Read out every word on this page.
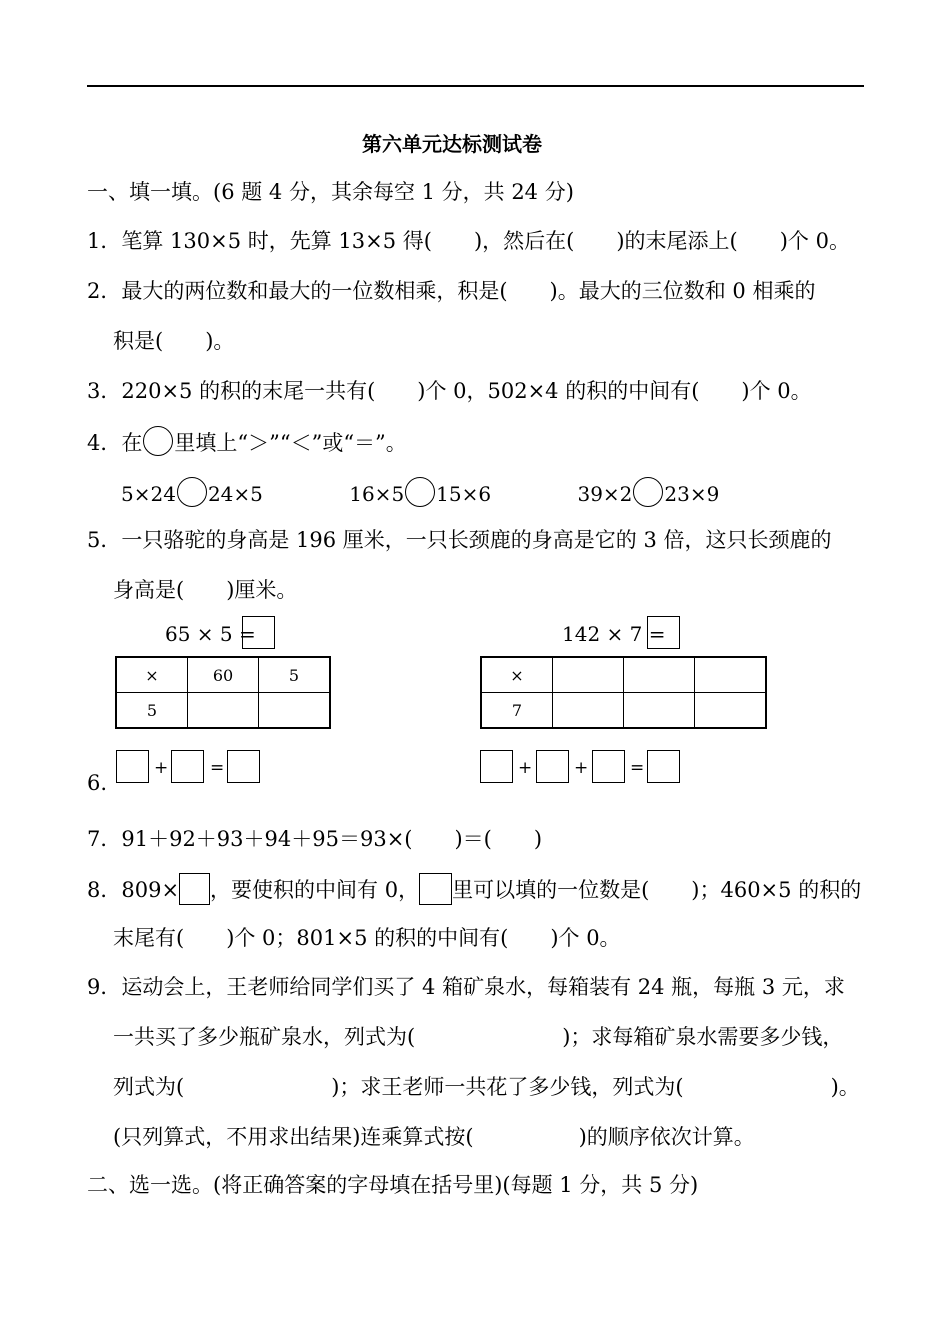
第六单元达标测试卷
一、填一填。(6 题 4 分，其余每空 1 分，共 24 分)
1．笔算 130×5 时，先算 13×5 得(　　)，然后在(　　)的末尾添上(　　)个 0。
2．最大的两位数和最大的一位数相乘，积是(　　)。最大的三位数和 0 相乘的
积是(　　)。
3．220×5 的积的末尾一共有(　　)个 0，502×4 的积的中间有(　　)个 0。
4．在 里填上“＞”“＜”或“＝”。
5×24 24×5	16×5 15×6	39×2 23×9
5．一只骆驼的身高是 196 厘米，一只长颈鹿的身高是它的 3 倍，这只长颈鹿的
身高是(　　)厘米。
65 × 5 =
×	60	5
5		
142 × 7 =
×			
7			
6.
+ =	+ + =
7．91＋92＋93＋94＋95＝93×(　　)＝(　　)
8．809× ，要使积的中间有 0， 里可以填的一位数是(　　)；460×5 的积的
末尾有(　　)个 0；801×5 的积的中间有(　　)个 0。
9．运动会上，王老师给同学们买了 4 箱矿泉水，每箱装有 24 瓶，每瓶 3 元，求
一共买了多少瓶矿泉水，列式为(　　　　　　　)；求每箱矿泉水需要多少钱，
列式为(　　　　　　　)；求王老师一共花了多少钱，列式为(　　　　　　　)。
(只列算式，不用求出结果)连乘算式按(　　　　　)的顺序依次计算。
二、选一选。(将正确答案的字母填在括号里)(每题 1 分，共 5 分)
